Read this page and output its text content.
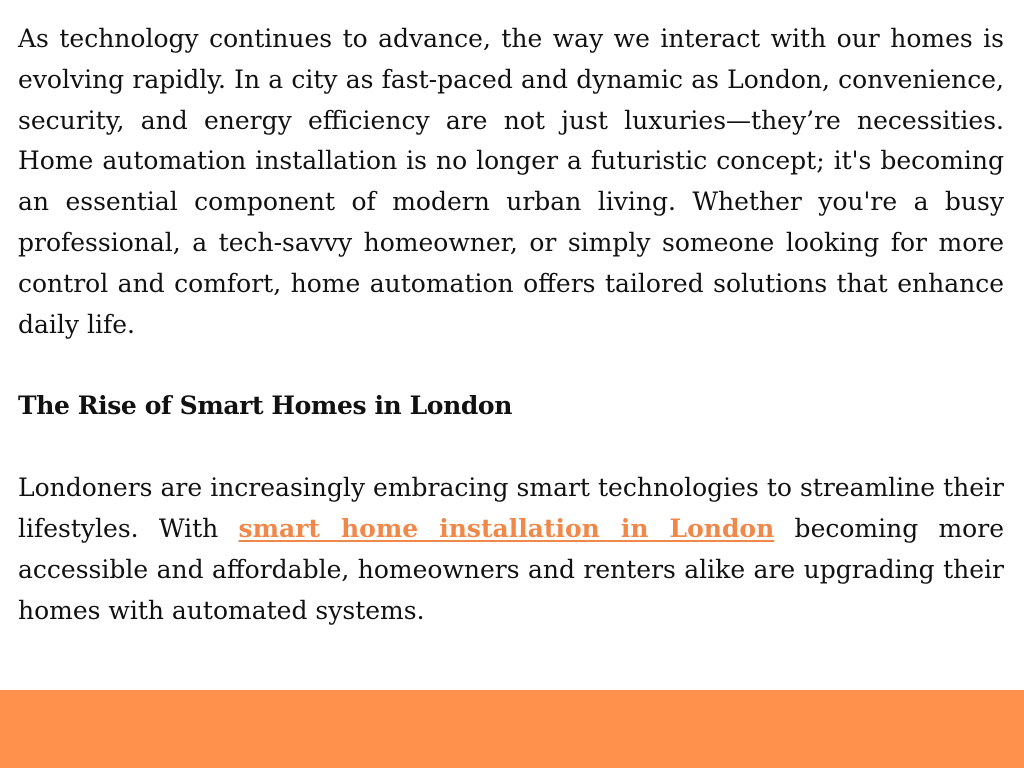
As technology continues to advance, the way we interact with our homes is evolving rapidly. In a city as fast-paced and dynamic as London, convenience, security, and energy efficiency are not just luxuries—they’re necessities. Home automation installation is no longer a futuristic concept; it's becoming an essential component of modern urban living. Whether you're a busy professional, a tech-savvy homeowner, or simply someone looking for more control and comfort, home automation offers tailored solutions that enhance daily life.

The Rise of Smart Homes in London

Londoners are increasingly embracing smart technologies to streamline their lifestyles. With smart home installation in London becoming more accessible and affordable, homeowners and renters alike are upgrading their homes with automated systems.
